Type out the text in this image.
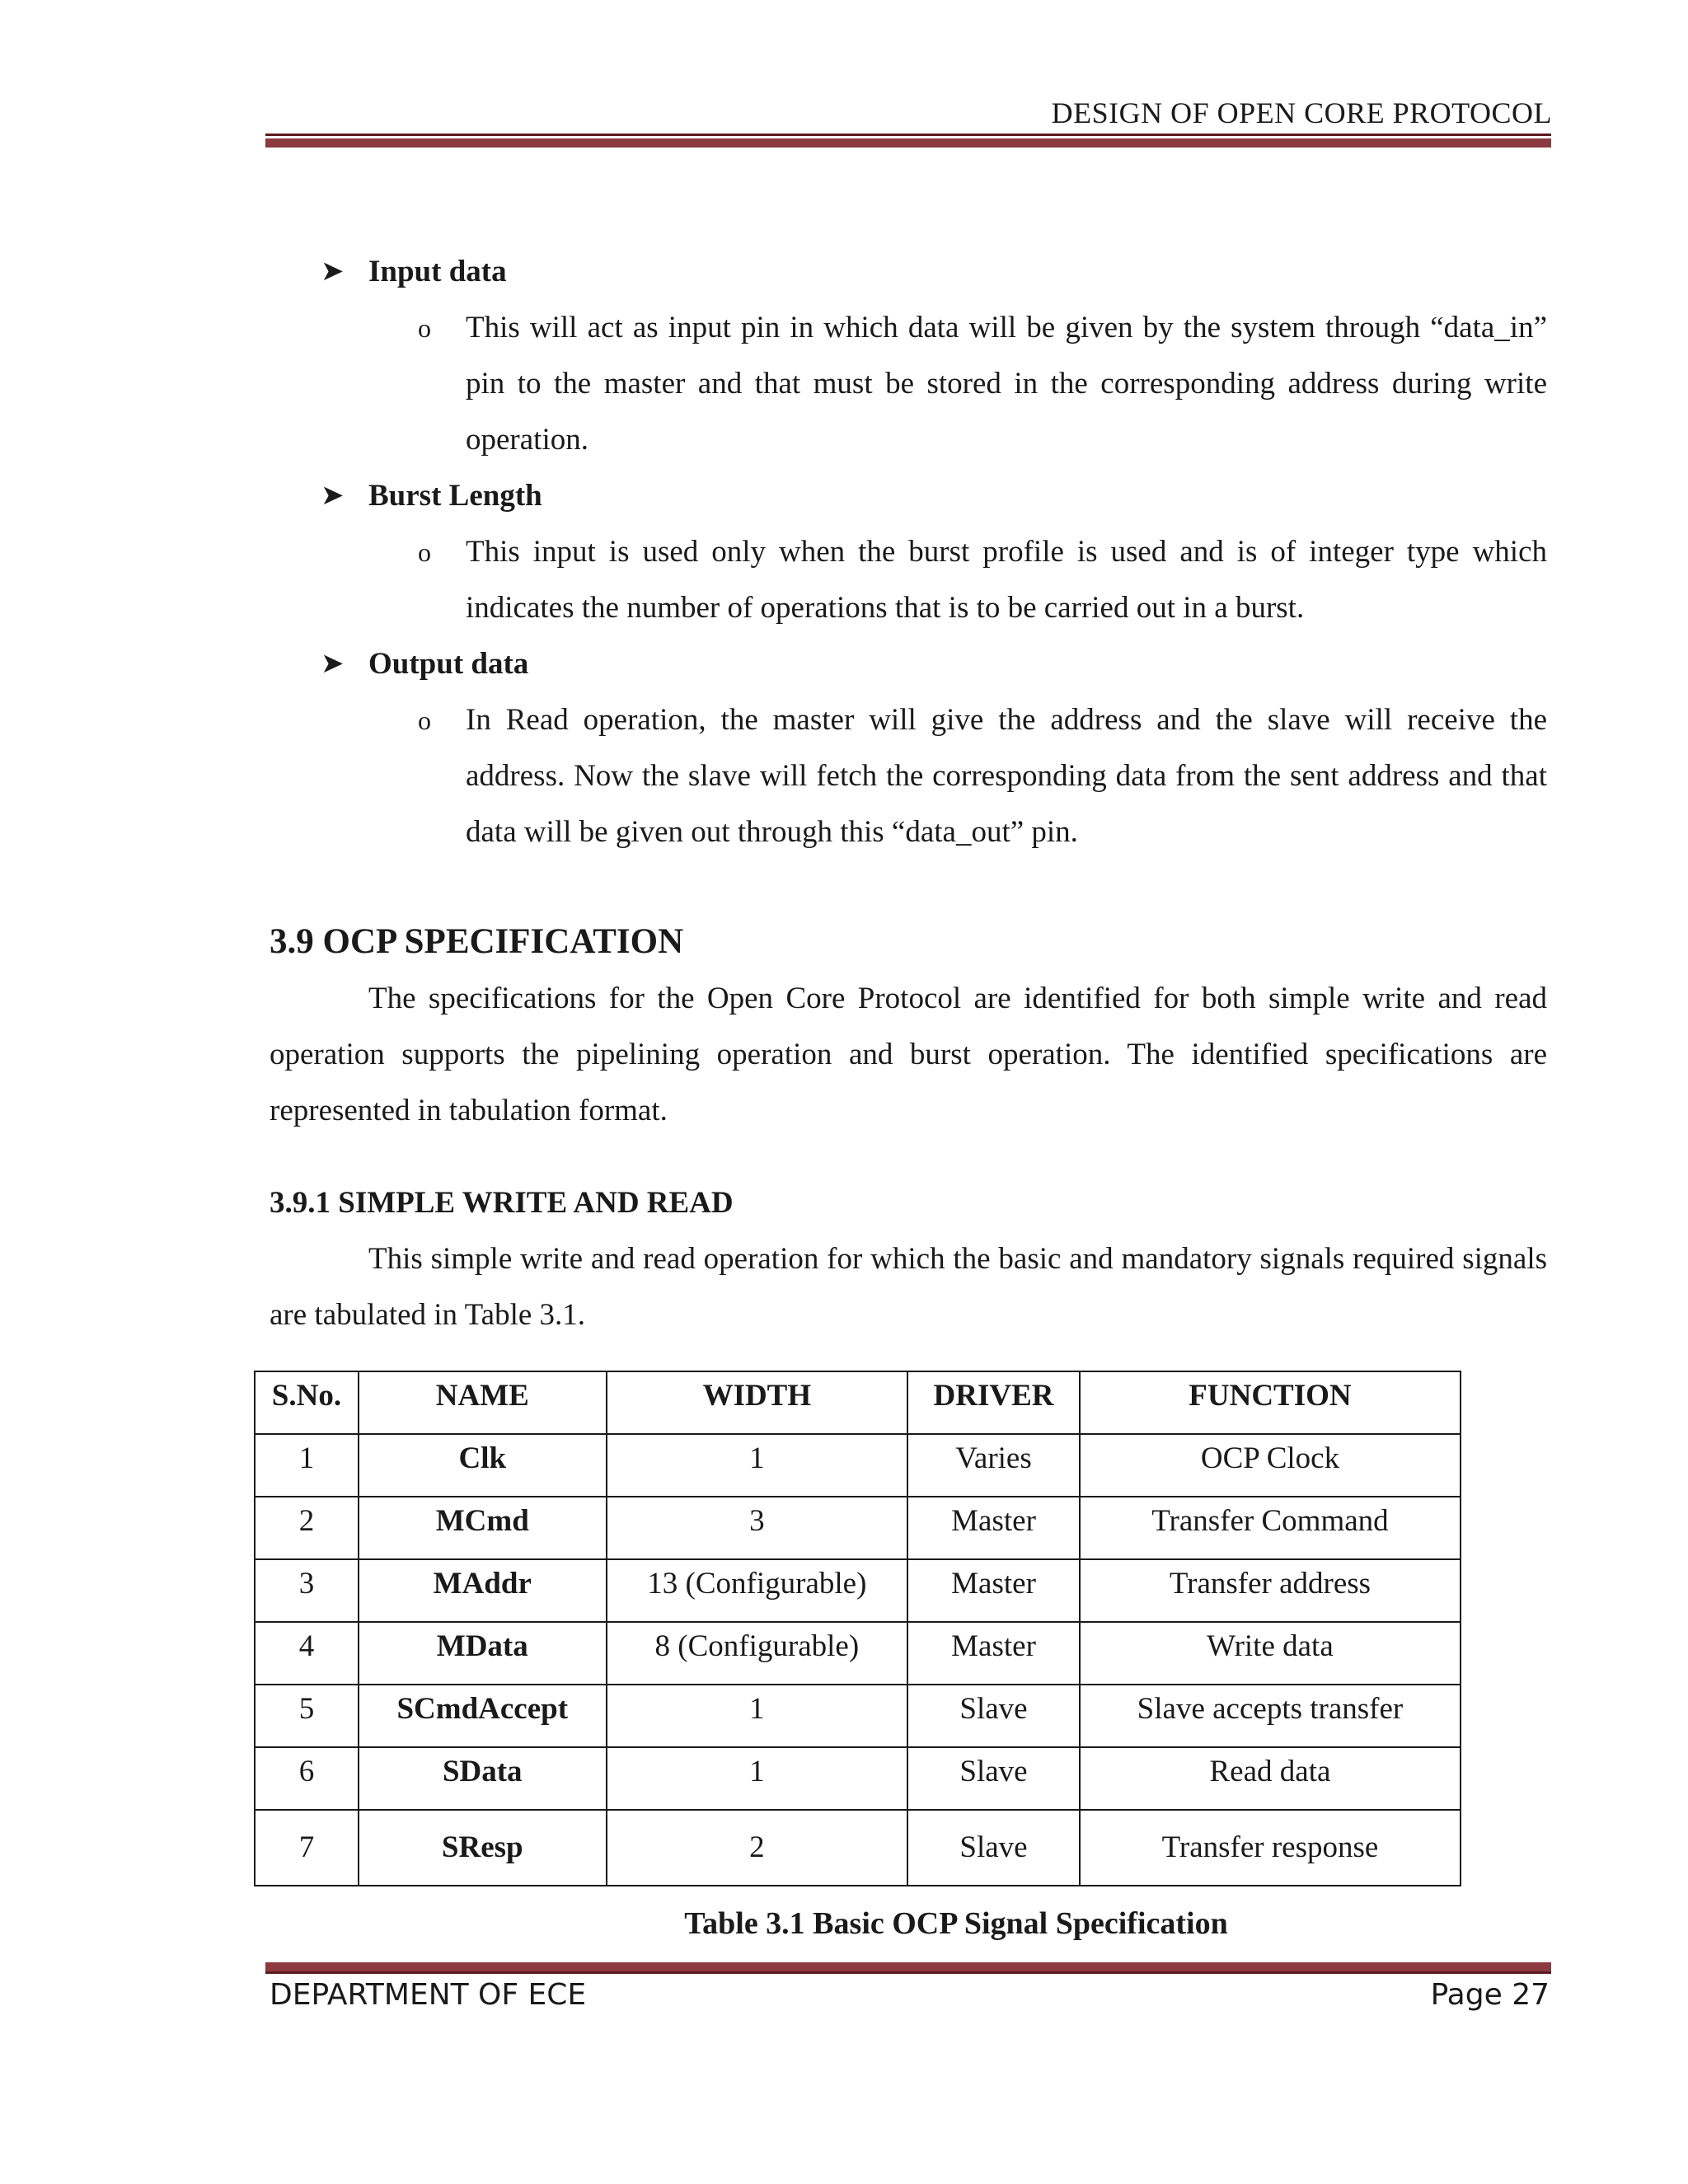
DESIGN OF OPEN CORE PROTOCOL
➤ Input data
o This will act as input pin in which data will be given by the system through “data_in” pin to the master and that must be stored in the corresponding address during write operation.
➤ Burst Length
o This input is used only when the burst profile is used and is of integer type which indicates the number of operations that is to be carried out in a burst.
➤ Output data
o In Read operation, the master will give the address and the slave will receive the address. Now the slave will fetch the corresponding data from the sent address and that data will be given out through this “data_out” pin.
3.9 OCP SPECIFICATION
The specifications for the Open Core Protocol are identified for both simple write and read operation supports the pipelining operation and burst operation. The identified specifications are represented in tabulation format.
3.9.1 SIMPLE WRITE AND READ
This simple write and read operation for which the basic and mandatory signals required signals are tabulated in Table 3.1.
S.No.	NAME	WIDTH	DRIVER	FUNCTION
1	Clk	1	Varies	OCP Clock
2	MCmd	3	Master	Transfer Command
3	MAddr	13 (Configurable)	Master	Transfer address
4	MData	8 (Configurable)	Master	Write data
5	SCmdAccept	1	Slave	Slave accepts transfer
6	SData	1	Slave	Read data
7	SResp	2	Slave	Transfer response
Table 3.1 Basic OCP Signal Specification
DEPARTMENT OF ECE	Page 27
